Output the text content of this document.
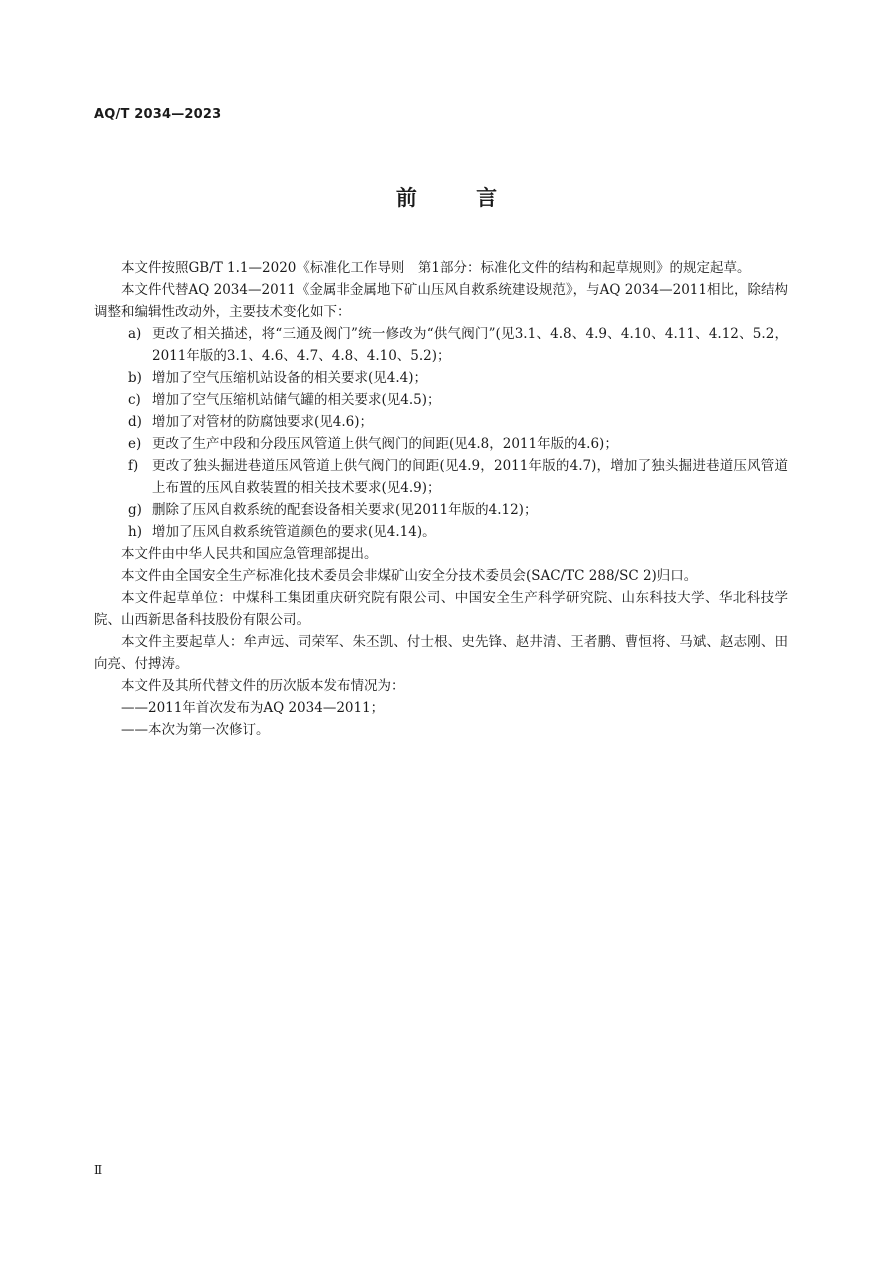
AQ/T 2034—2023
前 言

本文件按照GB/T 1.1—2020《标准化工作导则　第1部分：标准化文件的结构和起草规则》的规定起草。

本文件代替AQ 2034—2011《金属非金属地下矿山压风自救系统建设规范》，与AQ 2034—2011相比，除结构调整和编辑性改动外，主要技术变化如下：

a) 更改了相关描述，将“三通及阀门”统一修改为“供气阀门”(见3.1、4.8、4.9、4.10、4.11、4.12、5.2，2011年版的3.1、4.6、4.7、4.8、4.10、5.2)；
b) 增加了空气压缩机站设备的相关要求(见4.4)；
c) 增加了空气压缩机站储气罐的相关要求(见4.5)；
d) 增加了对管材的防腐蚀要求(见4.6)；
e) 更改了生产中段和分段压风管道上供气阀门的间距(见4.8，2011年版的4.6)；
f)	更改了独头掘进巷道压风管道上供气阀门的间距(见4.9，2011年版的4.7)，增加了独头掘进巷道压风管道上布置的压风自救装置的相关技术要求(见4.9)；
g) 删除了压风自救系统的配套设备相关要求(见2011年版的4.12)；
h) 增加了压风自救系统管道颜色的要求(见4.14)。

本文件由中华人民共和国应急管理部提出。

本文件由全国安全生产标准化技术委员会非煤矿山安全分技术委员会(SAC/TC 288/SC 2)归口。

本文件起草单位：中煤科工集团重庆研究院有限公司、中国安全生产科学研究院、山东科技大学、华北科技学院、山西新思备科技股份有限公司。

本文件主要起草人：牟声远、司荣军、朱丕凯、付士根、史先锋、赵井清、王者鹏、曹恒将、马斌、赵志刚、田向亮、付搏涛。

本文件及其所代替文件的历次版本发布情况为：

——2011年首次发布为AQ 2034—2011；

——本次为第一次修订。

Ⅱ
